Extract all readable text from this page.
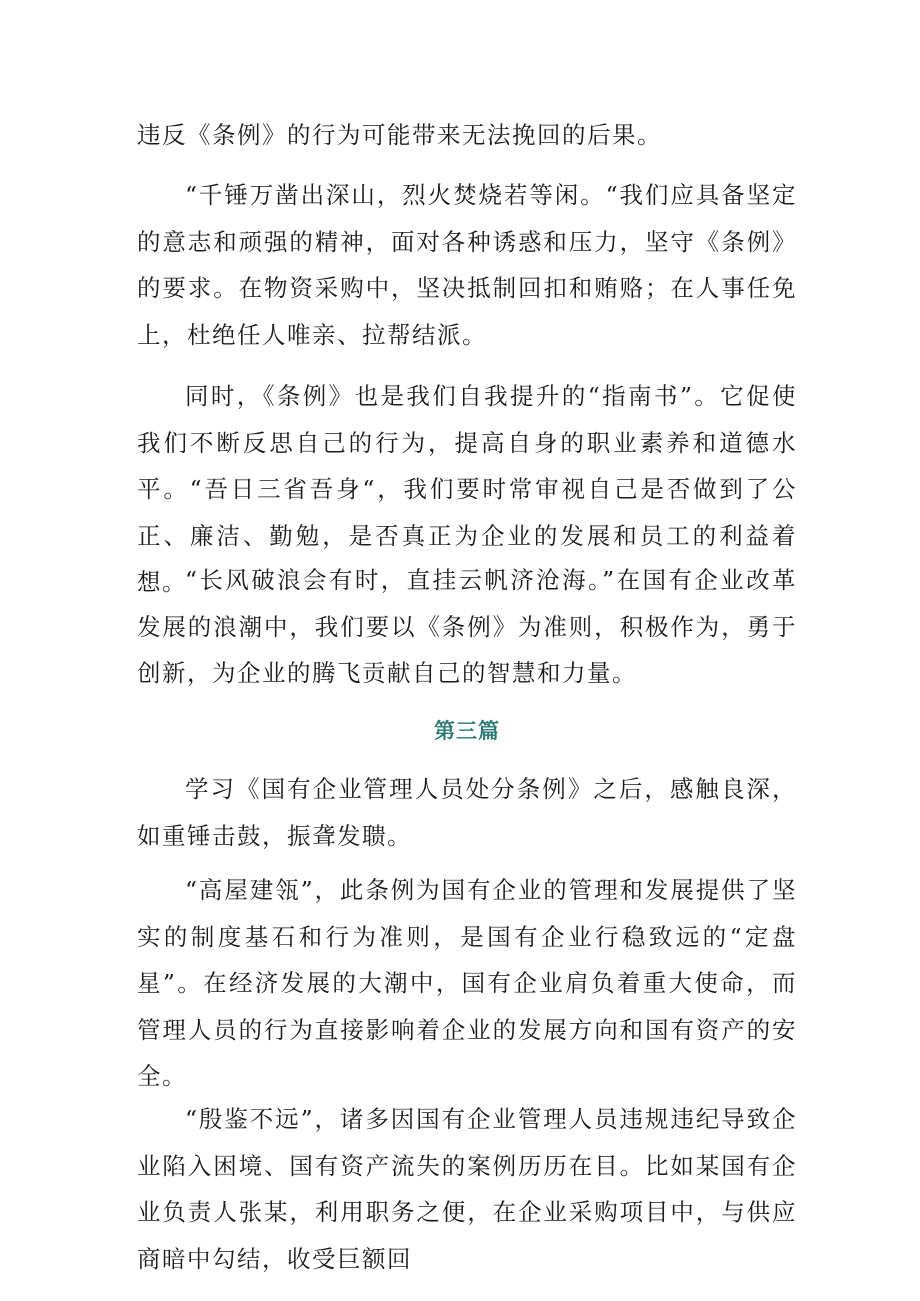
违反《条例》的行为可能带来无法挽回的后果。

“千锤万凿出深山，烈火焚烧若等闲。“我们应具备坚定的意志和顽强的精神，面对各种诱惑和压力，坚守《条例》的要求。在物资采购中，坚决抵制回扣和贿赂；在人事任免上，杜绝任人唯亲、拉帮结派。

同时，《条例》也是我们自我提升的“指南书”。它促使我们不断反思自己的行为，提高自身的职业素养和道德水平。“吾日三省吾身“，我们要时常审视自己是否做到了公正、廉洁、勤勉，是否真正为企业的发展和员工的利益着想。

“长风破浪会有时，直挂云帆济沧海。”在国有企业改革发展的浪潮中，我们要以《条例》为准则，积极作为，勇于创新，为企业的腾飞贡献自己的智慧和力量。

第三篇

学习《国有企业管理人员处分条例》之后，感触良深，如重锤击鼓，振聋发聩。

“高屋建瓴”，此条例为国有企业的管理和发展提供了坚实的制度基石和行为准则，是国有企业行稳致远的“定盘星”。在经济发展的大潮中，国有企业肩负着重大使命，而管理人员的行为直接影响着企业的发展方向和国有资产的安全。

“殷鉴不远”，诸多因国有企业管理人员违规违纪导致企业陷入困境、国有资产流失的案例历历在目。比如某国有企业负责人张某，利用职务之便，在企业采购项目中，与供应商暗中勾结，收受巨额回
